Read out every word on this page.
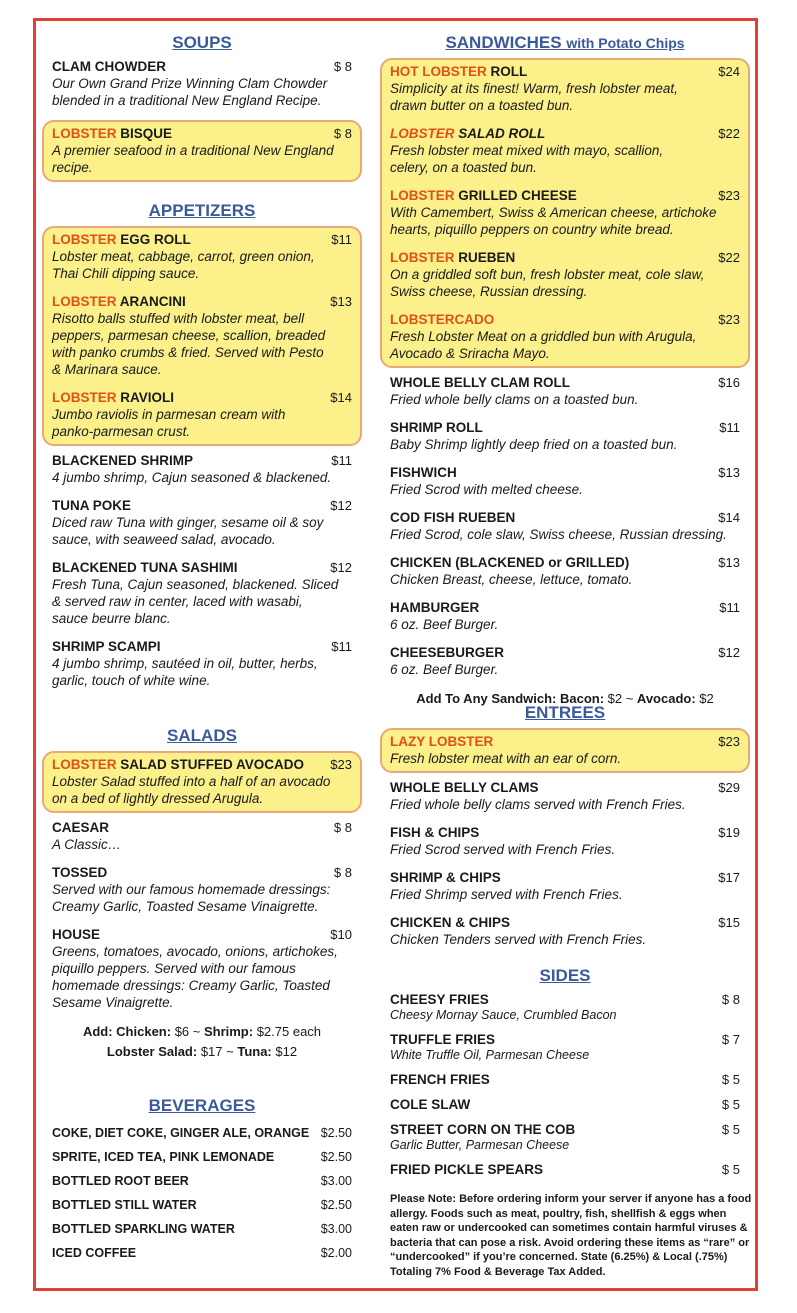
SOUPS
CLAM CHOWDER	$ 8
Our Own Grand Prize Winning Clam Chowder
blended in a traditional New England Recipe.
LOBSTER BISQUE	$ 8
A premier seafood in a traditional New England
recipe.
APPETIZERS
LOBSTER EGG ROLL	$11
Lobster meat, cabbage, carrot, green onion,
Thai Chili dipping sauce.
LOBSTER ARANCINI	$13
Risotto balls stuffed with lobster meat, bell
peppers, parmesan cheese, scallion, breaded
with panko crumbs & fried. Served with Pesto
& Marinara sauce.
LOBSTER RAVIOLI	$14
Jumbo raviolis in parmesan cream with
panko-parmesan crust.
BLACKENED SHRIMP	$11
4 jumbo shrimp, Cajun seasoned & blackened.
TUNA POKE	$12
Diced raw Tuna with ginger, sesame oil & soy
sauce, with seaweed salad, avocado.
BLACKENED TUNA SASHIMI	$12
Fresh Tuna, Cajun seasoned, blackened. Sliced
& served raw in center, laced with wasabi,
sauce beurre blanc.
SHRIMP SCAMPI	$11
4 jumbo shrimp, sautéed in oil, butter, herbs,
garlic, touch of white wine.
SALADS
LOBSTER SALAD STUFFED AVOCADO $23
Lobster Salad stuffed into a half of an avocado
on a bed of lightly dressed Arugula.
CAESAR	$ 8
A Classic…
TOSSED	$ 8
Served with our famous homemade dressings:
Creamy Garlic, Toasted Sesame Vinaigrette.
HOUSE	$10
Greens, tomatoes, avocado, onions, artichokes,
piquillo peppers. Served with our famous
homemade dressings: Creamy Garlic, Toasted
Sesame Vinaigrette.
Add: Chicken: $6 ~ Shrimp: $2.75 each
Lobster Salad: $17 ~ Tuna: $12
BEVERAGES
COKE, DIET COKE, GINGER ALE, ORANGE $2.50
SPRITE, ICED TEA, PINK LEMONADE	$2.50
BOTTLED ROOT BEER	$3.00
BOTTLED STILL WATER	$2.50
BOTTLED SPARKLING WATER	$3.00
ICED COFFEE	$2.00
SANDWICHES with Potato Chips
HOT LOBSTER ROLL	$24
Simplicity at its finest! Warm, fresh lobster meat,
drawn butter on a toasted bun.
LOBSTER SALAD ROLL	$22
Fresh lobster meat mixed with mayo, scallion,
celery, on a toasted bun.
LOBSTER GRILLED CHEESE	$23
With Camembert, Swiss & American cheese, artichoke
hearts, piquillo peppers on country white bread.
LOBSTER RUEBEN	$22
On a griddled soft bun, fresh lobster meat, cole slaw,
Swiss cheese, Russian dressing.
LOBSTERCADO	$23
Fresh Lobster Meat on a griddled bun with Arugula,
Avocado & Sriracha Mayo.
WHOLE BELLY CLAM ROLL	$16
Fried whole belly clams on a toasted bun.
SHRIMP ROLL	$11
Baby Shrimp lightly deep fried on a toasted bun.
FISHWICH	$13
Fried Scrod with melted cheese.
COD FISH RUEBEN	$14
Fried Scrod, cole slaw, Swiss cheese, Russian dressing.
CHICKEN (BLACKENED or GRILLED)	$13
Chicken Breast, cheese, lettuce, tomato.
HAMBURGER	$11
6 oz. Beef Burger.
CHEESEBURGER	$12
6 oz. Beef Burger.
Add To Any Sandwich: Bacon: $2 ~ Avocado: $2
ENTREES
LAZY LOBSTER	$23
Fresh lobster meat with an ear of corn.
WHOLE BELLY CLAMS	$29
Fried whole belly clams served with French Fries.
FISH & CHIPS	$19
Fried Scrod served with French Fries.
SHRIMP & CHIPS	$17
Fried Shrimp served with French Fries.
CHICKEN & CHIPS	$15
Chicken Tenders served with French Fries.
SIDES
CHEESY FRIES	$ 8
Cheesy Mornay Sauce, Crumbled Bacon
TRUFFLE FRIES	$ 7
White Truffle Oil, Parmesan Cheese
FRENCH FRIES	$ 5
COLE SLAW	$ 5
STREET CORN ON THE COB	$ 5
Garlic Butter, Parmesan Cheese
FRIED PICKLE SPEARS	$ 5
Please Note: Before ordering inform your server if anyone has a food allergy. Foods such as meat, poultry, fish, shellfish & eggs when eaten raw or undercooked can sometimes contain harmful viruses & bacteria that can pose a risk. Avoid ordering these items as “rare” or “undercooked” if you’re concerned. State (6.25%) & Local (.75%) Totaling 7% Food & Beverage Tax Added.
